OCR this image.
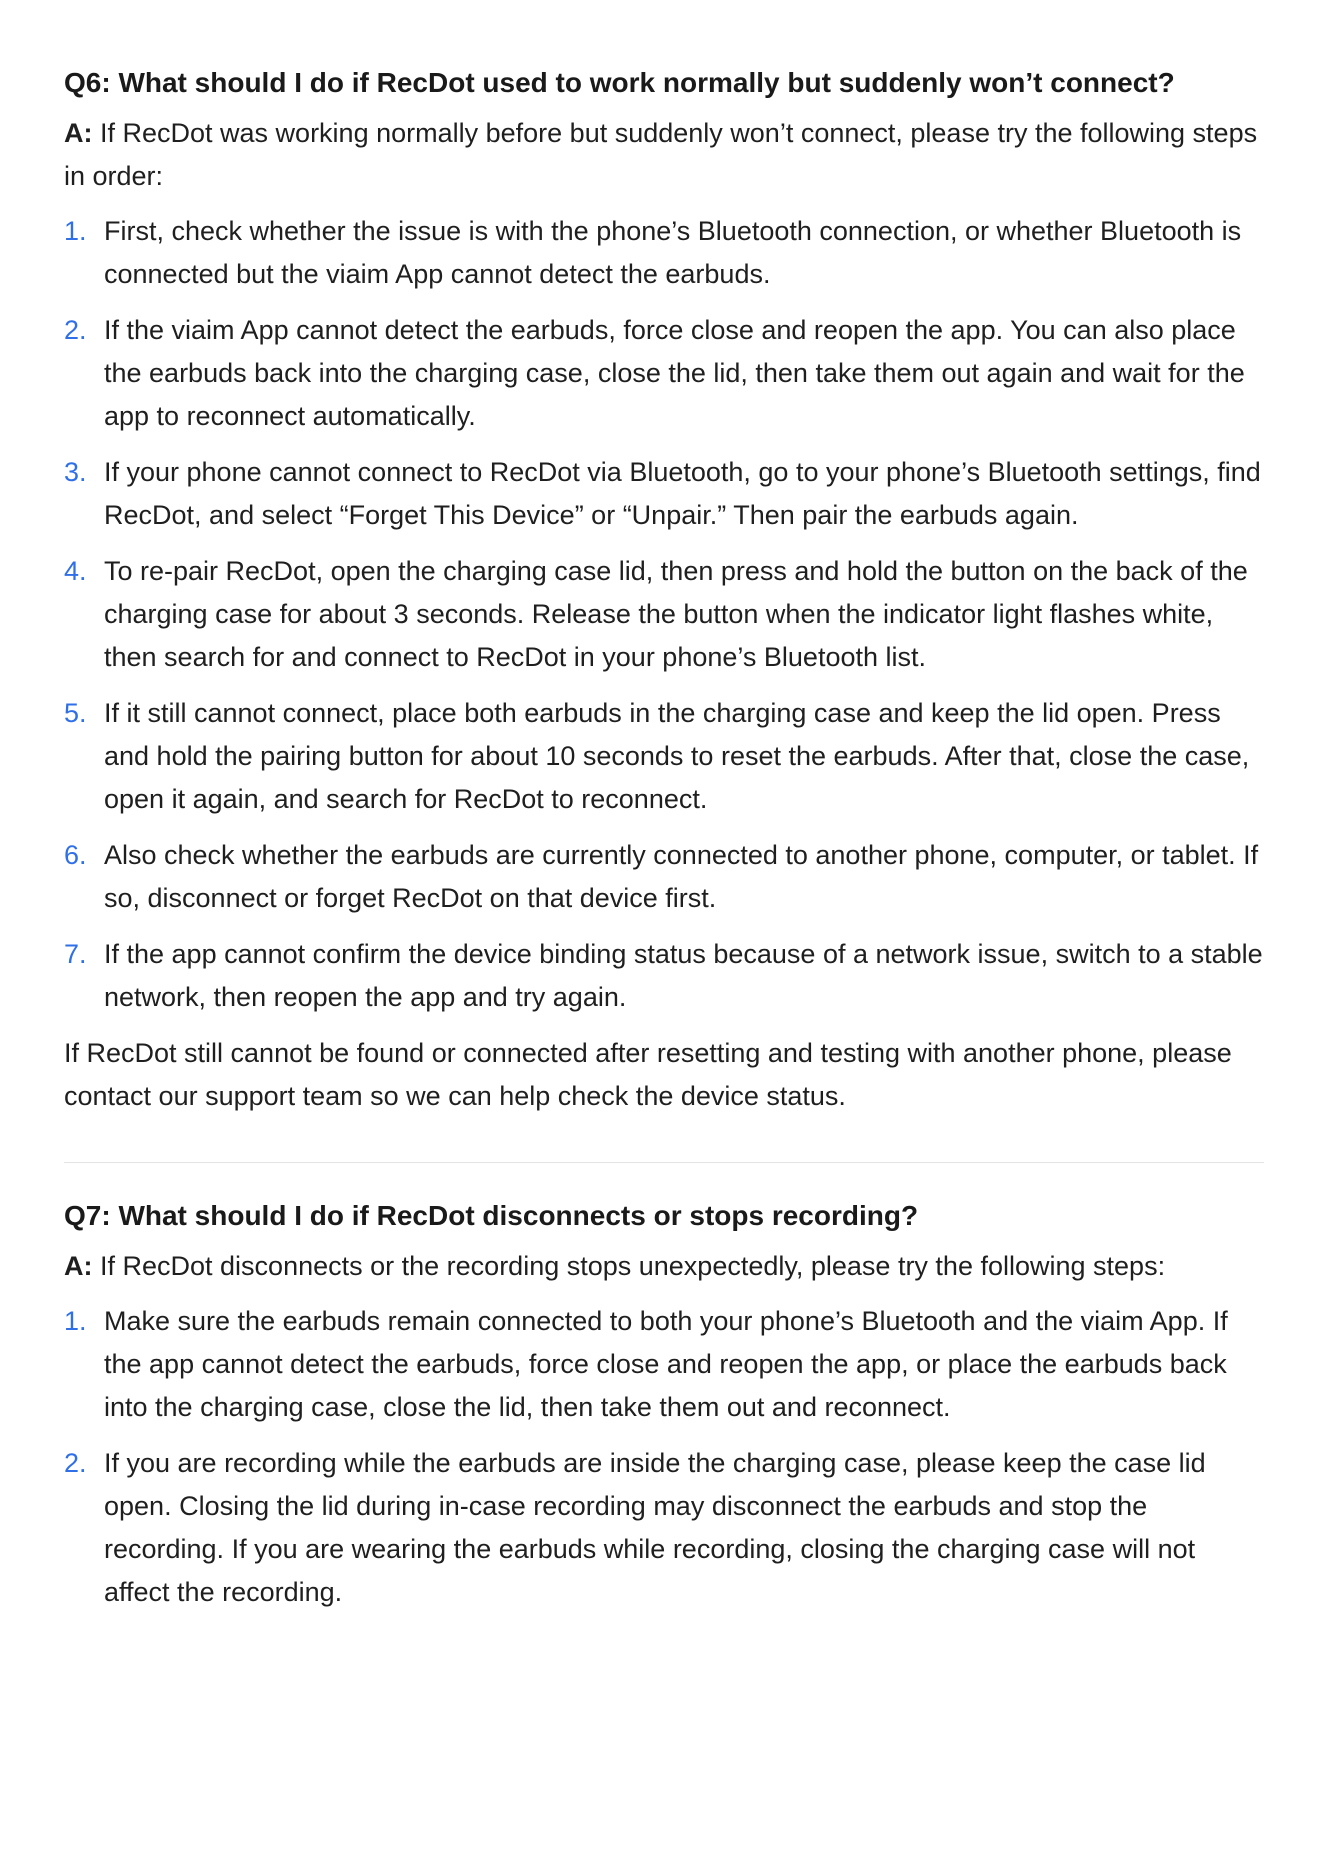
Q6: What should I do if RecDot used to work normally but suddenly won’t connect?
A: If RecDot was working normally before but suddenly won’t connect, please try the following steps in order:
1. First, check whether the issue is with the phone’s Bluetooth connection, or whether Bluetooth is connected but the viaim App cannot detect the earbuds.
2. If the viaim App cannot detect the earbuds, force close and reopen the app. You can also place the earbuds back into the charging case, close the lid, then take them out again and wait for the app to reconnect automatically.
3. If your phone cannot connect to RecDot via Bluetooth, go to your phone’s Bluetooth settings, find RecDot, and select “Forget This Device” or “Unpair.” Then pair the earbuds again.
4. To re-pair RecDot, open the charging case lid, then press and hold the button on the back of the charging case for about 3 seconds. Release the button when the indicator light flashes white, then search for and connect to RecDot in your phone’s Bluetooth list.
5. If it still cannot connect, place both earbuds in the charging case and keep the lid open. Press and hold the pairing button for about 10 seconds to reset the earbuds. After that, close the case, open it again, and search for RecDot to reconnect.
6. Also check whether the earbuds are currently connected to another phone, computer, or tablet. If so, disconnect or forget RecDot on that device first.
7. If the app cannot confirm the device binding status because of a network issue, switch to a stable network, then reopen the app and try again.
If RecDot still cannot be found or connected after resetting and testing with another phone, please contact our support team so we can help check the device status.
Q7: What should I do if RecDot disconnects or stops recording?
A: If RecDot disconnects or the recording stops unexpectedly, please try the following steps:
1. Make sure the earbuds remain connected to both your phone’s Bluetooth and the viaim App. If the app cannot detect the earbuds, force close and reopen the app, or place the earbuds back into the charging case, close the lid, then take them out and reconnect.
2. If you are recording while the earbuds are inside the charging case, please keep the case lid open. Closing the lid during in-case recording may disconnect the earbuds and stop the recording. If you are wearing the earbuds while recording, closing the charging case will not affect the recording.
